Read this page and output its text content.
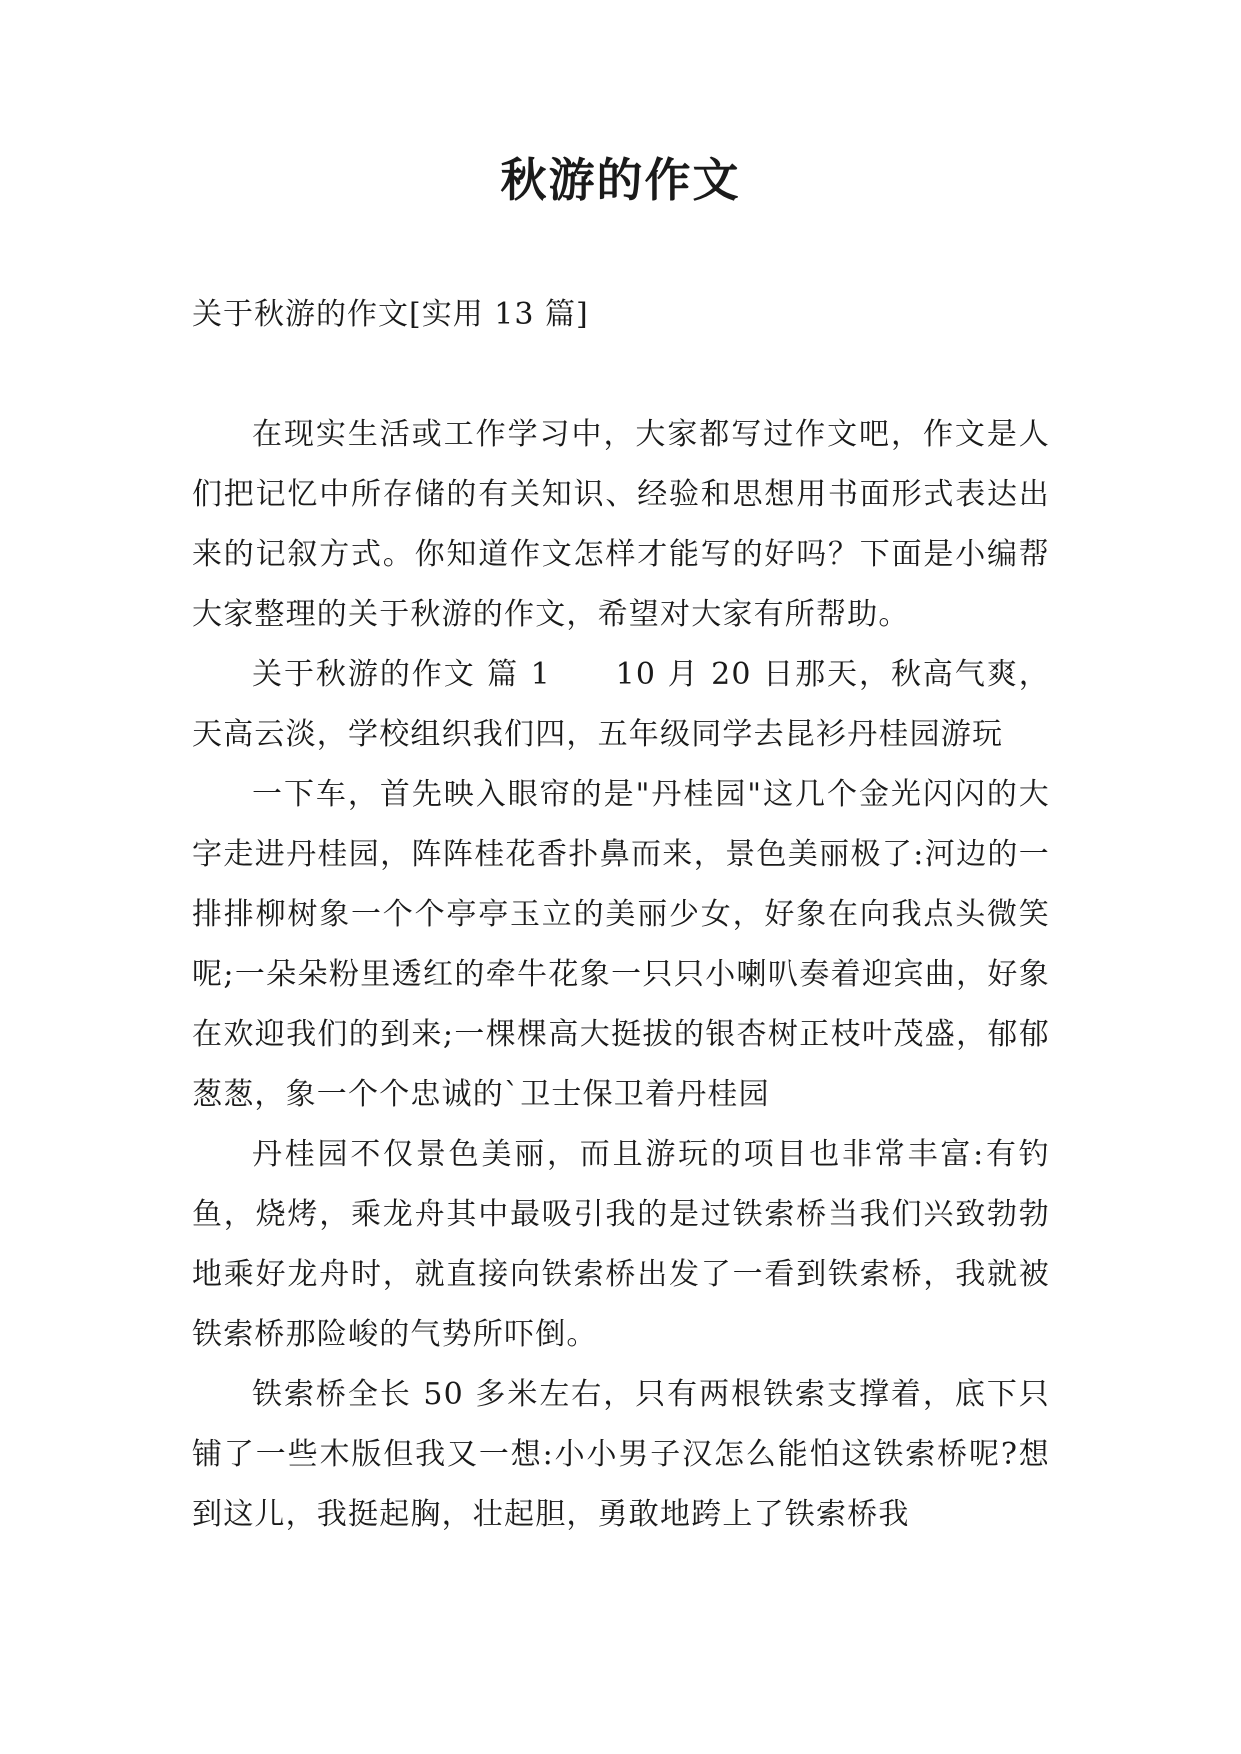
秋游的作文

关于秋游的作文[实用 13 篇]

在现实生活或工作学习中，大家都写过作文吧，作文是人们把记忆中所存储的有关知识、经验和思想用书面形式表达出来的记叙方式。你知道作文怎样才能写的好吗？下面是小编帮大家整理的关于秋游的作文，希望对大家有所帮助。

关于秋游的作文 篇 1　　10 月 20 日那天，秋高气爽，天高云淡，学校组织我们四，五年级同学去昆衫丹桂园游玩

一下车，首先映入眼帘的是"丹桂园"这几个金光闪闪的大字走进丹桂园，阵阵桂花香扑鼻而来，景色美丽极了:河边的一排排柳树象一个个亭亭玉立的美丽少女，好象在向我点头微笑呢;一朵朵粉里透红的牵牛花象一只只小喇叭奏着迎宾曲，好象在欢迎我们的到来;一棵棵高大挺拔的银杏树正枝叶茂盛，郁郁葱葱，象一个个忠诚的`卫士保卫着丹桂园

丹桂园不仅景色美丽，而且游玩的项目也非常丰富:有钓鱼，烧烤，乘龙舟其中最吸引我的是过铁索桥当我们兴致勃勃地乘好龙舟时，就直接向铁索桥出发了一看到铁索桥，我就被铁索桥那险峻的气势所吓倒。

铁索桥全长 50 多米左右，只有两根铁索支撑着，底下只铺了一些木版但我又一想:小小男子汉怎么能怕这铁索桥呢?想到这儿，我挺起胸，壮起胆，勇敢地跨上了铁索桥我
